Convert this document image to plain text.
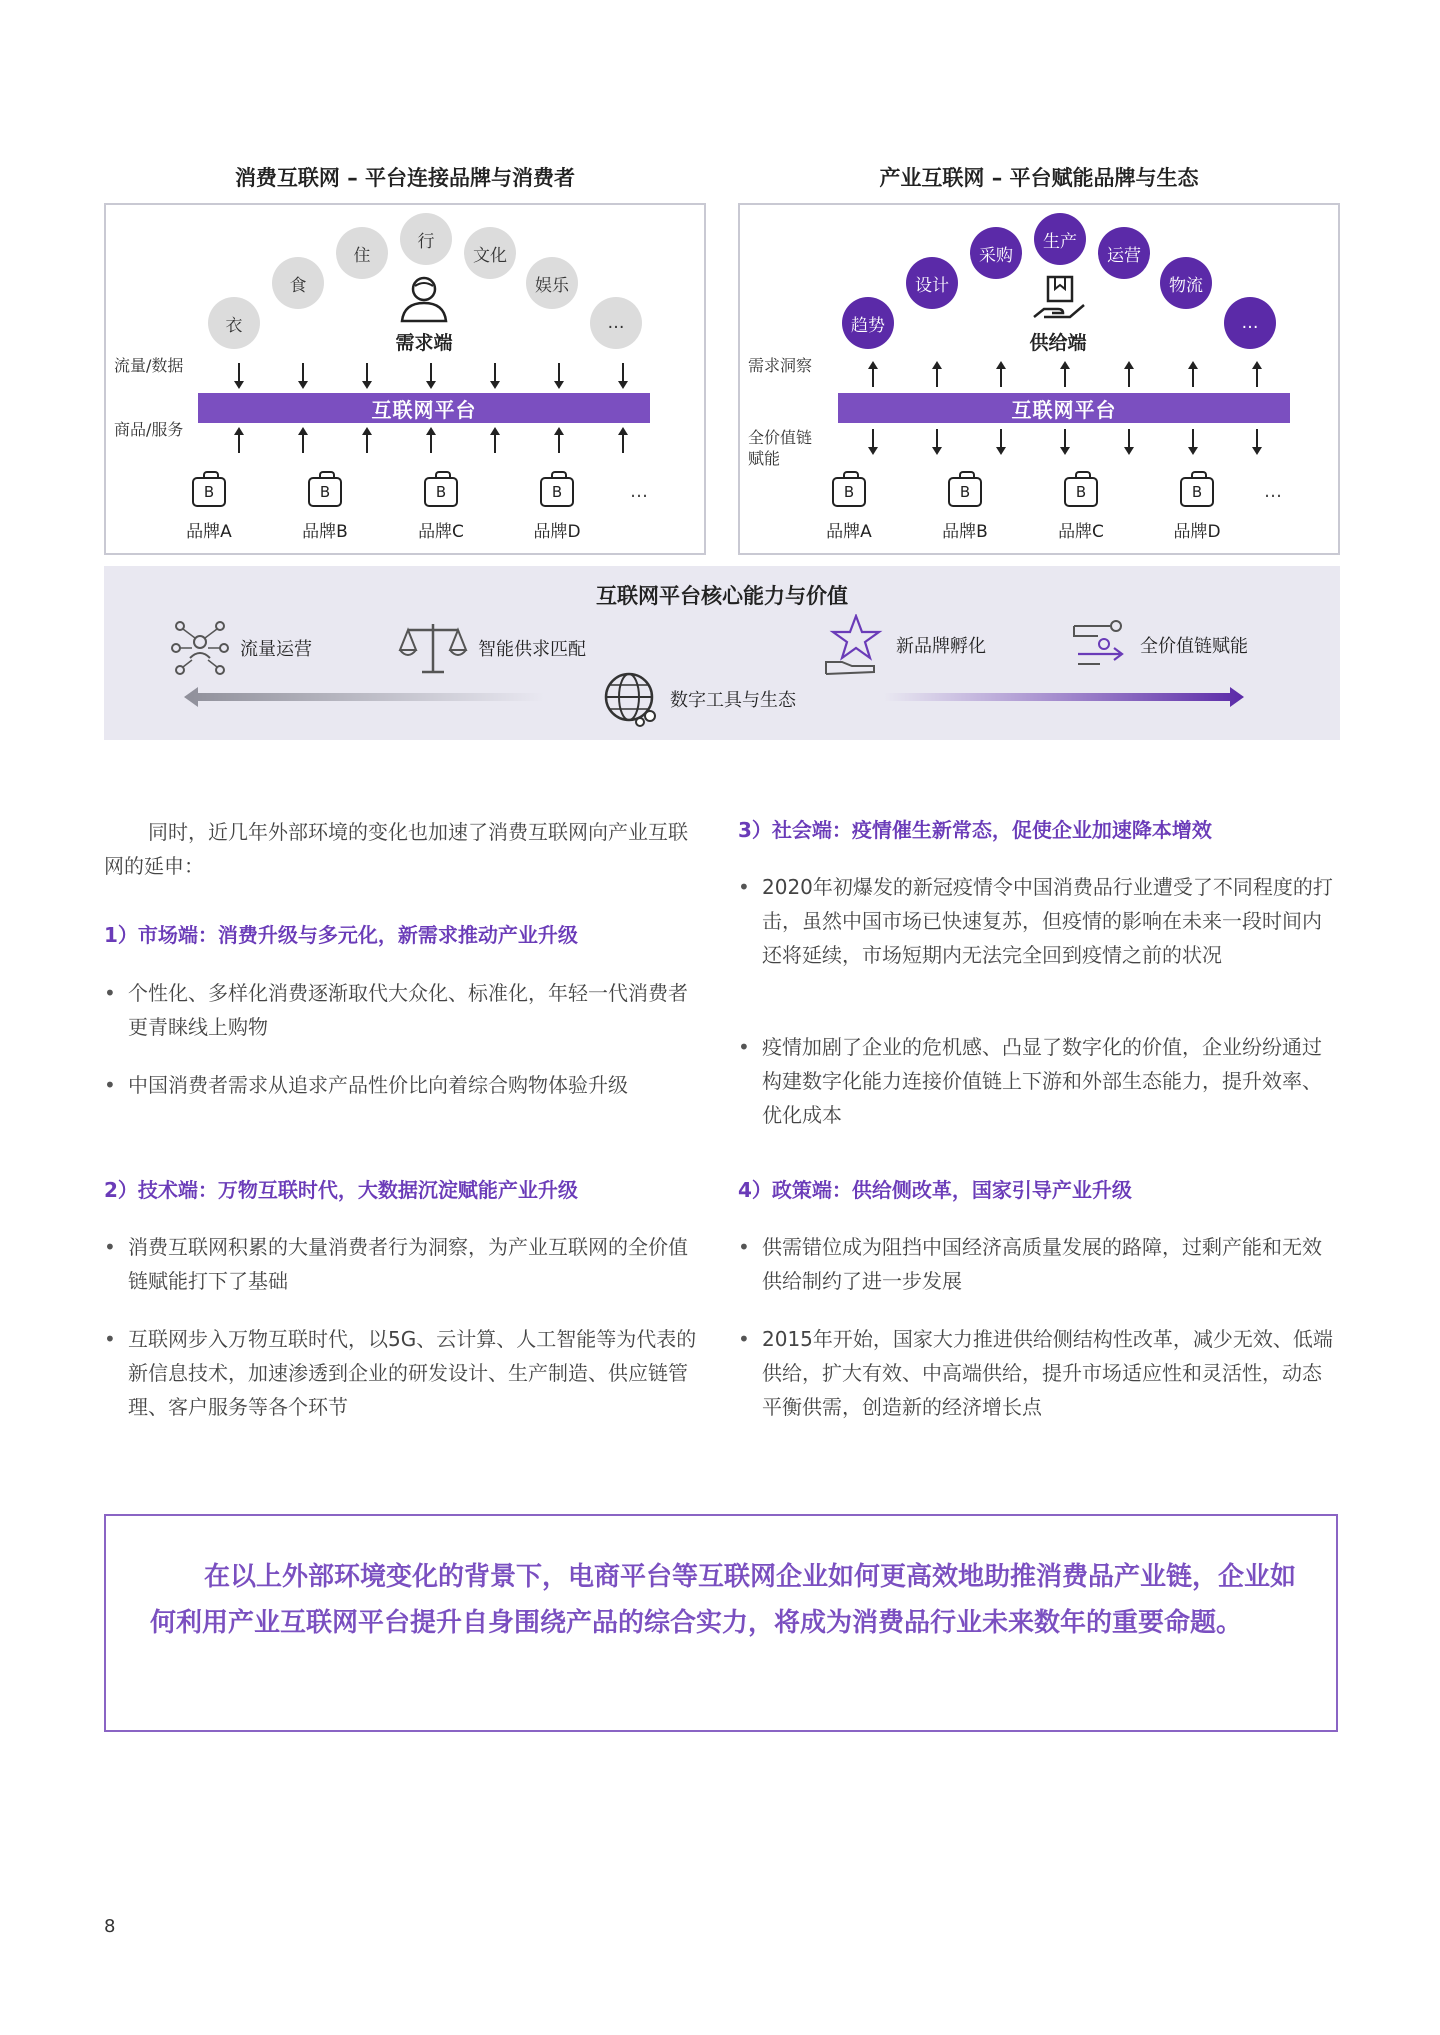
消费互联网 – 平台连接品牌与消费者
衣
食
住
行
文化
娱乐
…
需求端
流量/数据
互联网平台
商品/服务
B	B	B	B	…
品牌A	品牌B	品牌C	品牌D
产业互联网 – 平台赋能品牌与生态
趋势
设计
采购
生产
运营
物流
…
供给端
需求洞察
互联网平台
全价值链
赋能
B	B	B	B	…
品牌A	品牌B	品牌C	品牌D
互联网平台核心能力与价值
流量运营	智能供求匹配	新品牌孵化	全价值链赋能
数字工具与生态
同时，近几年外部环境的变化也加速了消费互联网向产业互联网的延申：
1）市场端：消费升级与多元化，新需求推动产业升级
• 个性化、多样化消费逐渐取代大众化、标准化，年轻一代消费者更青睐线上购物
• 中国消费者需求从追求产品性价比向着综合购物体验升级
2）技术端：万物互联时代，大数据沉淀赋能产业升级
• 消费互联网积累的大量消费者行为洞察，为产业互联网的全价值链赋能打下了基础
• 互联网步入万物互联时代，以5G、云计算、人工智能等为代表的新信息技术，加速渗透到企业的研发设计、生产制造、供应链管理、客户服务等各个环节
3）社会端：疫情催生新常态，促使企业加速降本增效
• 2020年初爆发的新冠疫情令中国消费品行业遭受了不同程度的打击，虽然中国市场已快速复苏，但疫情的影响在未来一段时间内还将延续，市场短期内无法完全回到疫情之前的状况
• 疫情加剧了企业的危机感、凸显了数字化的价值，企业纷纷通过构建数字化能力连接价值链上下游和外部生态能力，提升效率、优化成本
4）政策端：供给侧改革，国家引导产业升级
• 供需错位成为阻挡中国经济高质量发展的路障，过剩产能和无效供给制约了进一步发展
• 2015年开始，国家大力推进供给侧结构性改革，减少无效、低端供给，扩大有效、中高端供给，提升市场适应性和灵活性，动态平衡供需，创造新的经济增长点
在以上外部环境变化的背景下，电商平台等互联网企业如何更高效地助推消费品产业链，企业如何利用产业互联网平台提升自身围绕产品的综合实力，将成为消费品行业未来数年的重要命题。
8
